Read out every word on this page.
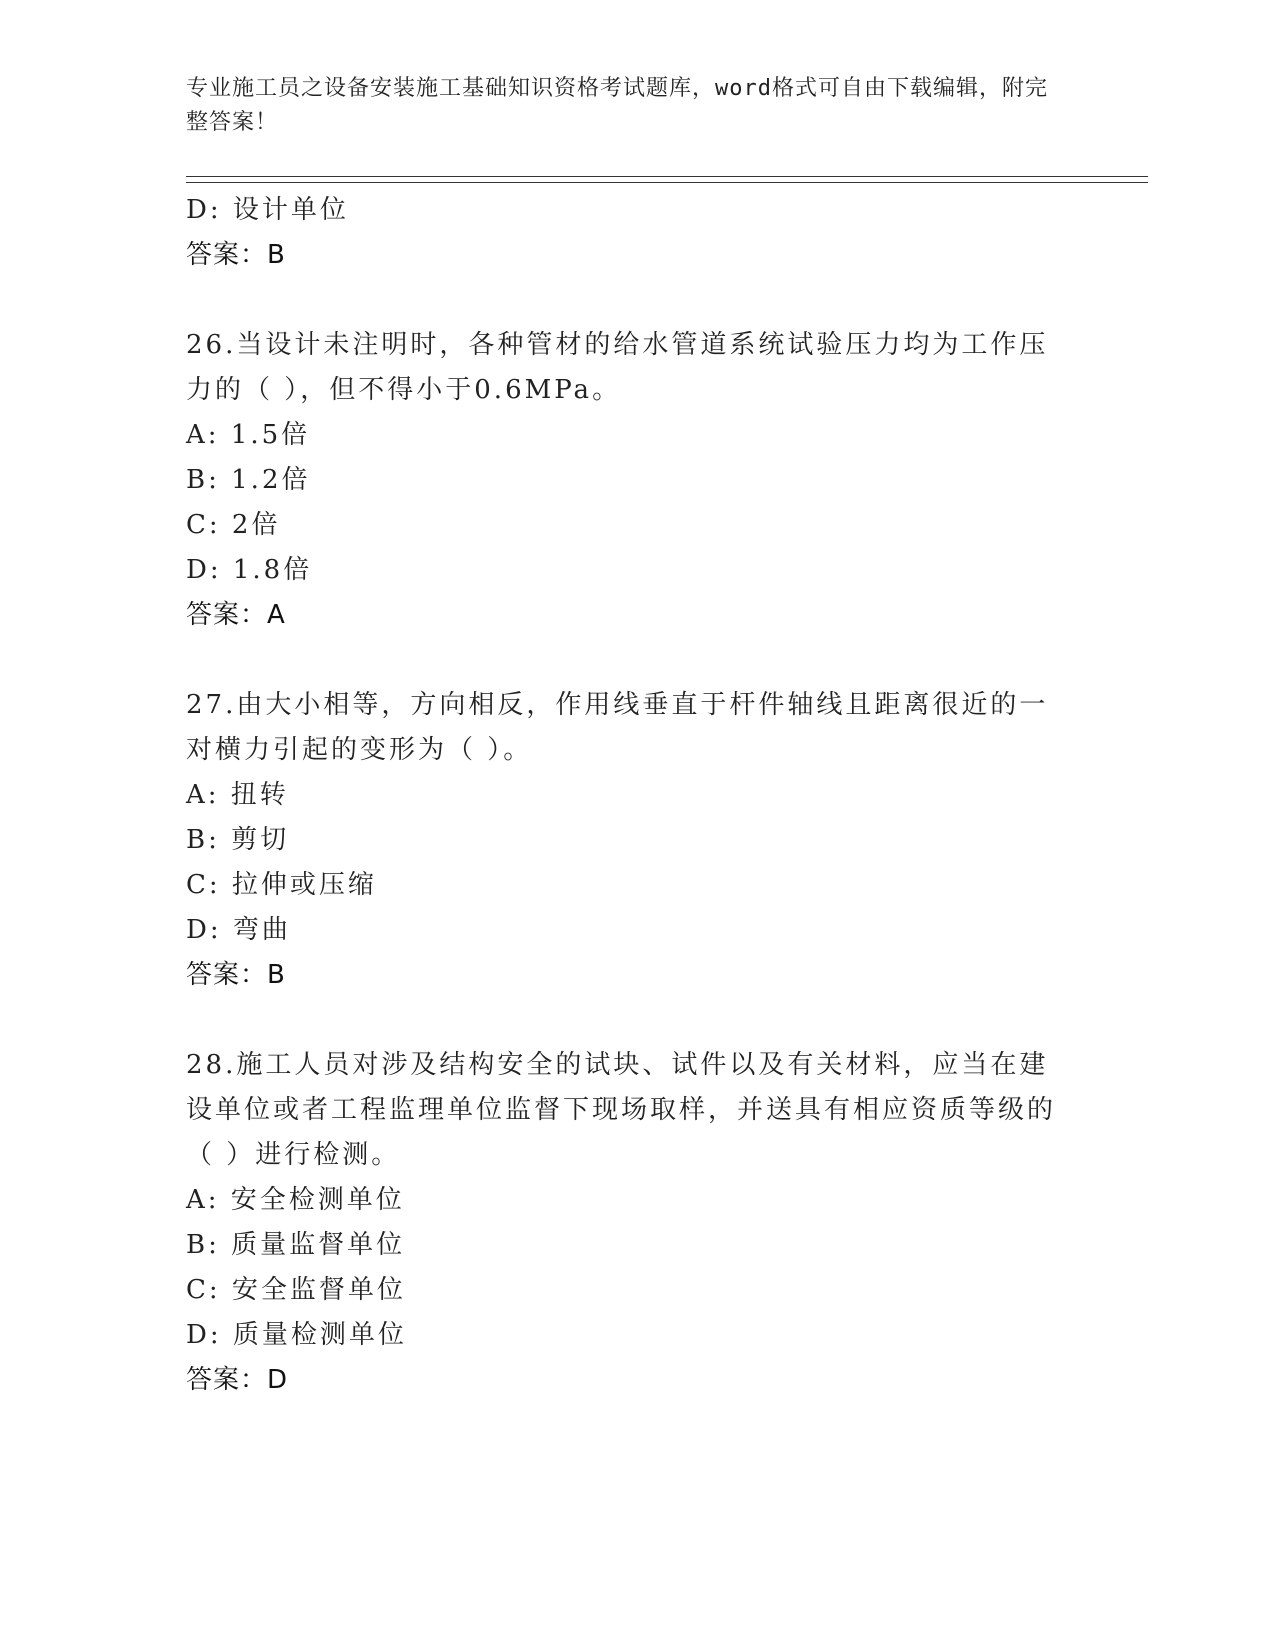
专业施工员之设备安装施工基础知识资格考试题库，word格式可自由下载编辑，附完整答案！
D: 设计单位
答案：B
26.当设计未注明时，各种管材的给水管道系统试验压力均为工作压力的（ ），但不得小于0.6MPa。
A: 1.5倍
B: 1.2倍
C: 2倍
D: 1.8倍
答案：A
27.由大小相等，方向相反，作用线垂直于杆件轴线且距离很近的一对横力引起的变形为（ ）。
A: 扭转
B: 剪切
C: 拉伸或压缩
D: 弯曲
答案：B
28.施工人员对涉及结构安全的试块、试件以及有关材料，应当在建设单位或者工程监理单位监督下现场取样，并送具有相应资质等级的（ ）进行检测。
A: 安全检测单位
B: 质量监督单位
C: 安全监督单位
D: 质量检测单位
答案：D
